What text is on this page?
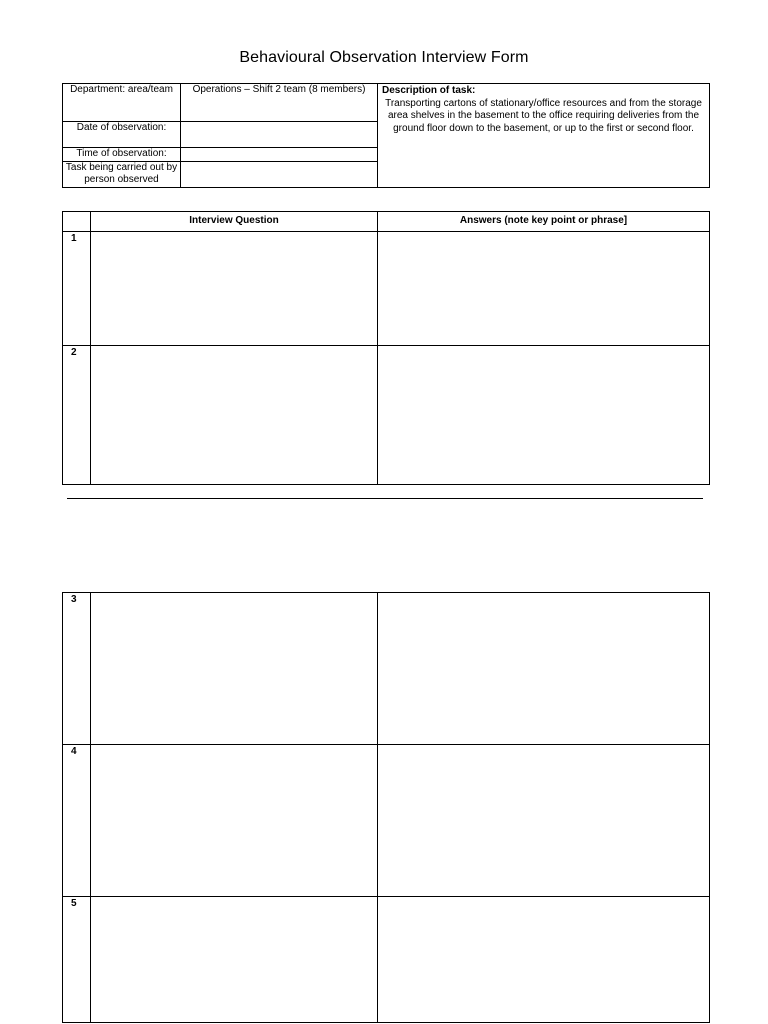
Behavioural Observation Interview Form
Department: area/team	Operations – Shift 2 team (8 members)	Description of task:
Transporting cartons of stationary/office resources and from the storage area shelves in the basement to the office requiring deliveries from the ground floor down to the basement, or up to the first or second floor.
Date of observation:		
Time of observation:		
Task being carried out by person observed		
	Interview Question	Answers (note key point or phrase]
1		
2		
3		
4		
5		
